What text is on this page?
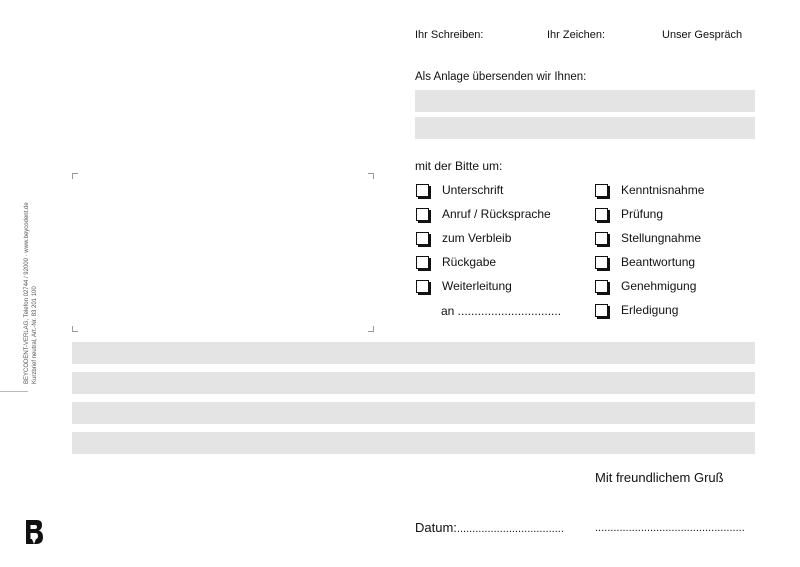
Ihr Schreiben:	Ihr Zeichen:	Unser Gespräch
Als Anlage übersenden wir Ihnen:
mit der Bitte um:
Unterschrift
Anruf / Rücksprache
zum Verbleib
Rückgabe
Weiterleitung
an ...............................
Kenntnisnahme
Prüfung
Stellungnahme
Beantwortung
Genehmigung
Erledigung
Mit freundlichem Gruß
Datum:...................................	.................................................
BEYCODENT-VERLAG, Telefon 02744 / 92000 · www.beycodent.de Kurzbrief neutral, Art.-Nr. 83 201 100
